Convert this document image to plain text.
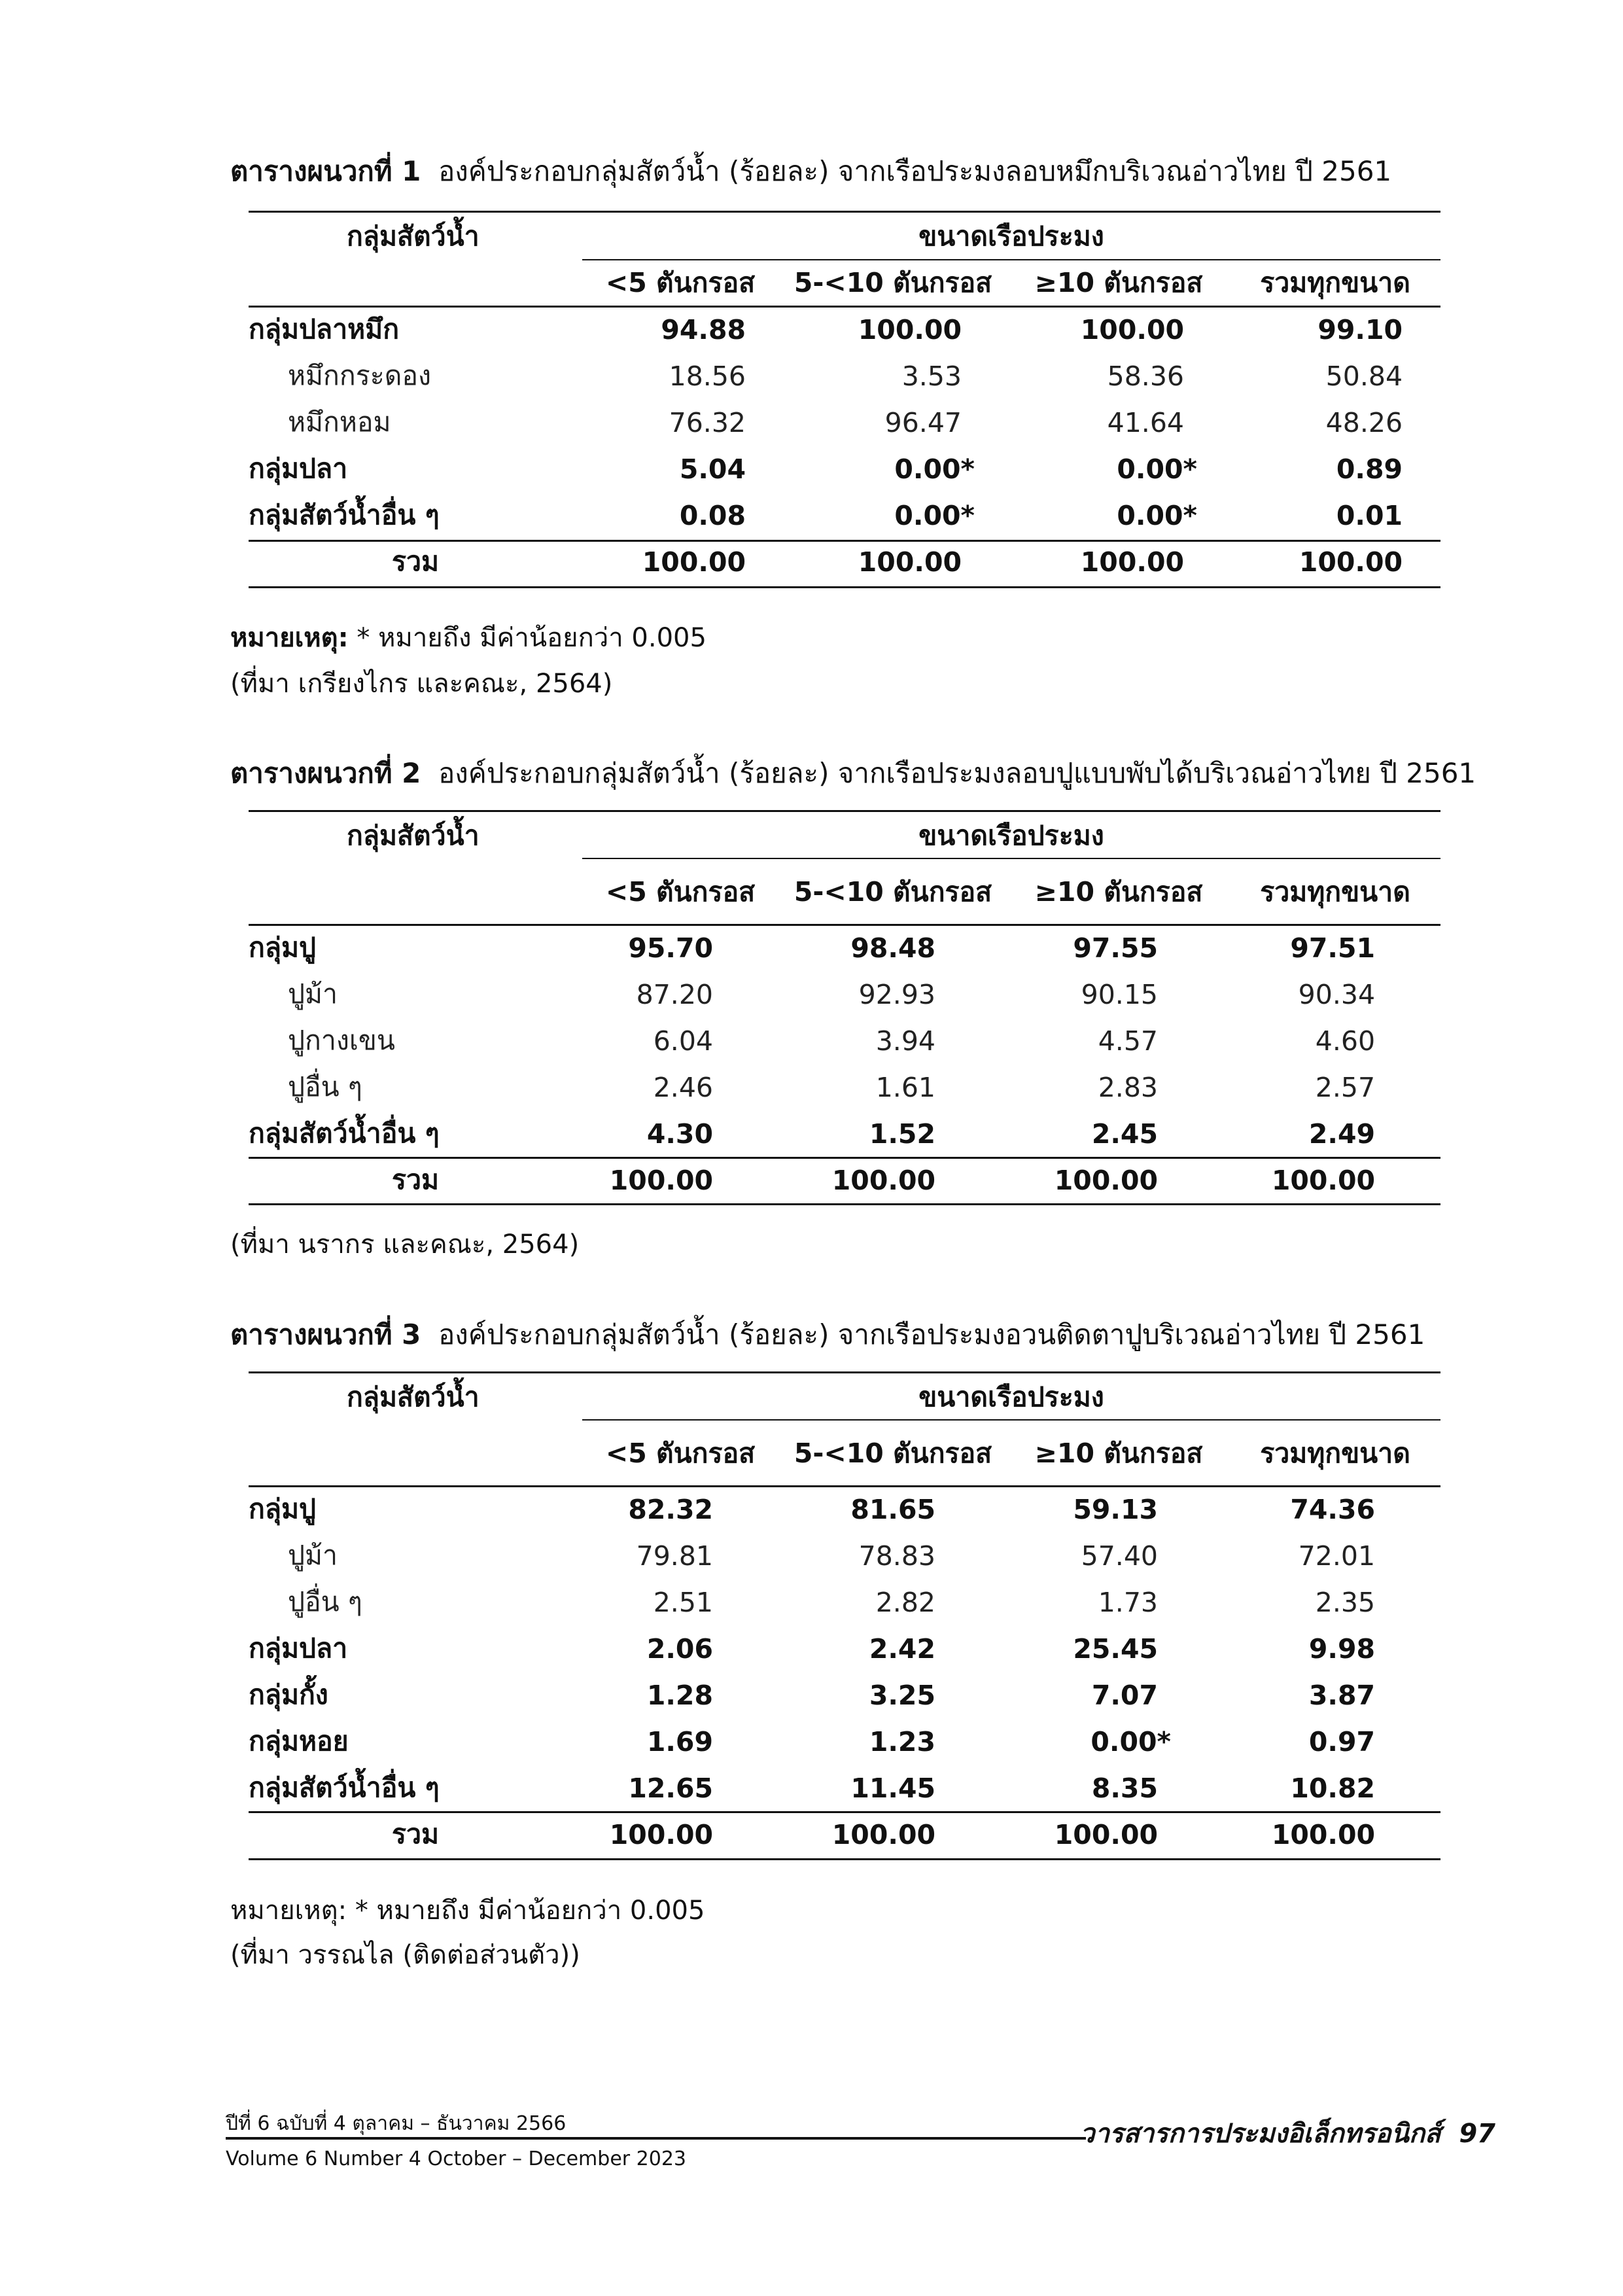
ตารางผนวกที่ 1 องค์ประกอบกลุ่มสัตว์น้ำ (ร้อยละ) จากเรือประมงลอบหมึกบริเวณอ่าวไทย ปี 2561
กลุ่มสัตว์น้ำ	ขนาดเรือประมง			
	<5 ตันกรอส	5-<10 ตันกรอส	≥10 ตันกรอส	รวมทุกขนาด
กลุ่มปลาหมึก	94.88	100.00	100.00	99.10
หมึกกระดอง	18.56	3.53	58.36	50.84
หมึกหอม	76.32	96.47	41.64	48.26
กลุ่มปลา	5.04	0.00*	0.00*	0.89
กลุ่มสัตว์น้ำอื่น ๆ	0.08	0.00*	0.00*	0.01
รวม	100.00	100.00	100.00	100.00
หมายเหตุ: * หมายถึง มีค่าน้อยกว่า 0.005
(ที่มา เกรียงไกร และคณะ, 2564)
ตารางผนวกที่ 2 องค์ประกอบกลุ่มสัตว์น้ำ (ร้อยละ) จากเรือประมงลอบปูแบบพับได้บริเวณอ่าวไทย ปี 2561
กลุ่มสัตว์น้ำ	ขนาดเรือประมง			
	<5 ตันกรอส	5-<10 ตันกรอส	≥10 ตันกรอส	รวมทุกขนาด
กลุ่มปู	95.70	98.48	97.55	97.51
ปูม้า	87.20	92.93	90.15	90.34
ปูกางเขน	6.04	3.94	4.57	4.60
ปูอื่น ๆ	2.46	1.61	2.83	2.57
กลุ่มสัตว์น้ำอื่น ๆ	4.30	1.52	2.45	2.49
รวม	100.00	100.00	100.00	100.00
(ที่มา นรากร และคณะ, 2564)
ตารางผนวกที่ 3 องค์ประกอบกลุ่มสัตว์น้ำ (ร้อยละ) จากเรือประมงอวนติดตาปูบริเวณอ่าวไทย ปี 2561
กลุ่มสัตว์น้ำ	ขนาดเรือประมง			
	<5 ตันกรอส	5-<10 ตันกรอส	≥10 ตันกรอส	รวมทุกขนาด
กลุ่มปู	82.32	81.65	59.13	74.36
ปูม้า	79.81	78.83	57.40	72.01
ปูอื่น ๆ	2.51	2.82	1.73	2.35
กลุ่มปลา	2.06	2.42	25.45	9.98
กลุ่มกั้ง	1.28	3.25	7.07	3.87
กลุ่มหอย	1.69	1.23	0.00*	0.97
กลุ่มสัตว์น้ำอื่น ๆ	12.65	11.45	8.35	10.82
รวม	100.00	100.00	100.00	100.00
หมายเหตุ: * หมายถึง มีค่าน้อยกว่า 0.005
(ที่มา วรรณไล (ติดต่อส่วนตัว))
ปีที่ 6 ฉบับที่ 4 ตุลาคม – ธันวาคม 2566
Volume 6 Number 4 October – December 2023
วารสารการประมงอิเล็กทรอนิกส์ 97
